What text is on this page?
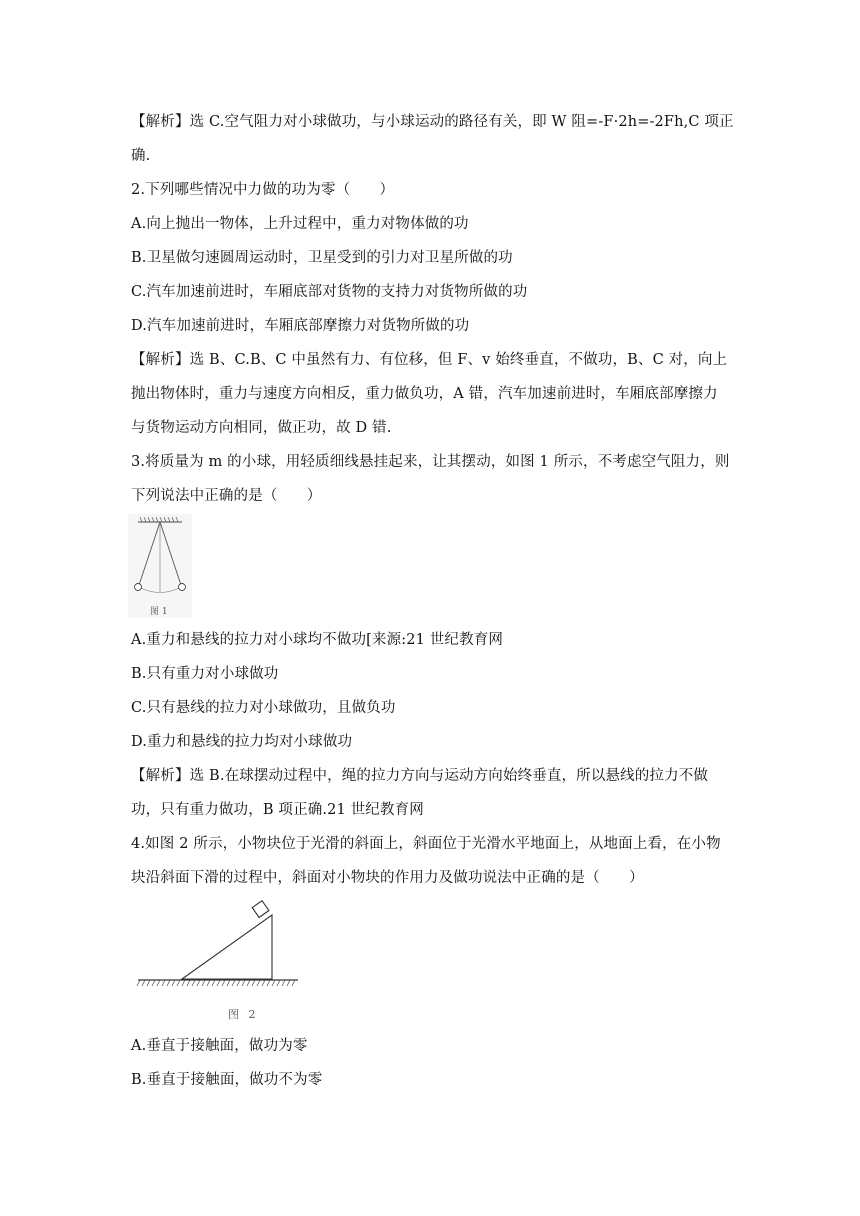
【解析】选 C.空气阻力对小球做功，与小球运动的路径有关，即 W 阻=-F·2h=-2Fh,C 项正
确.
2.下列哪些情况中力做的功为零（　　）
A.向上抛出一物体，上升过程中，重力对物体做的功
B.卫星做匀速圆周运动时，卫星受到的引力对卫星所做的功
C.汽车加速前进时，车厢底部对货物的支持力对货物所做的功
D.汽车加速前进时，车厢底部摩擦力对货物所做的功
【解析】选 B、C.B、C 中虽然有力、有位移，但 F、v 始终垂直，不做功，B、C 对，向上
抛出物体时，重力与速度方向相反，重力做负功，A 错，汽车加速前进时，车厢底部摩擦力
与货物运动方向相同，做正功，故 D 错.
3.将质量为 m 的小球，用轻质细线悬挂起来，让其摆动，如图 1 所示，不考虑空气阻力，则
下列说法中正确的是（　　）
图 1
A.重力和悬线的拉力对小球均不做功[来源:21 世纪教育网
B.只有重力对小球做功
C.只有悬线的拉力对小球做功，且做负功
D.重力和悬线的拉力均对小球做功
【解析】选 B.在球摆动过程中，绳的拉力方向与运动方向始终垂直，所以悬线的拉力不做
功，只有重力做功，B 项正确.21 世纪教育网
4.如图 2 所示，小物块位于光滑的斜面上，斜面位于光滑水平地面上，从地面上看，在小物
块沿斜面下滑的过程中，斜面对小物块的作用力及做功说法中正确的是（　　）
图 2
A.垂直于接触面，做功为零
B.垂直于接触面，做功不为零
